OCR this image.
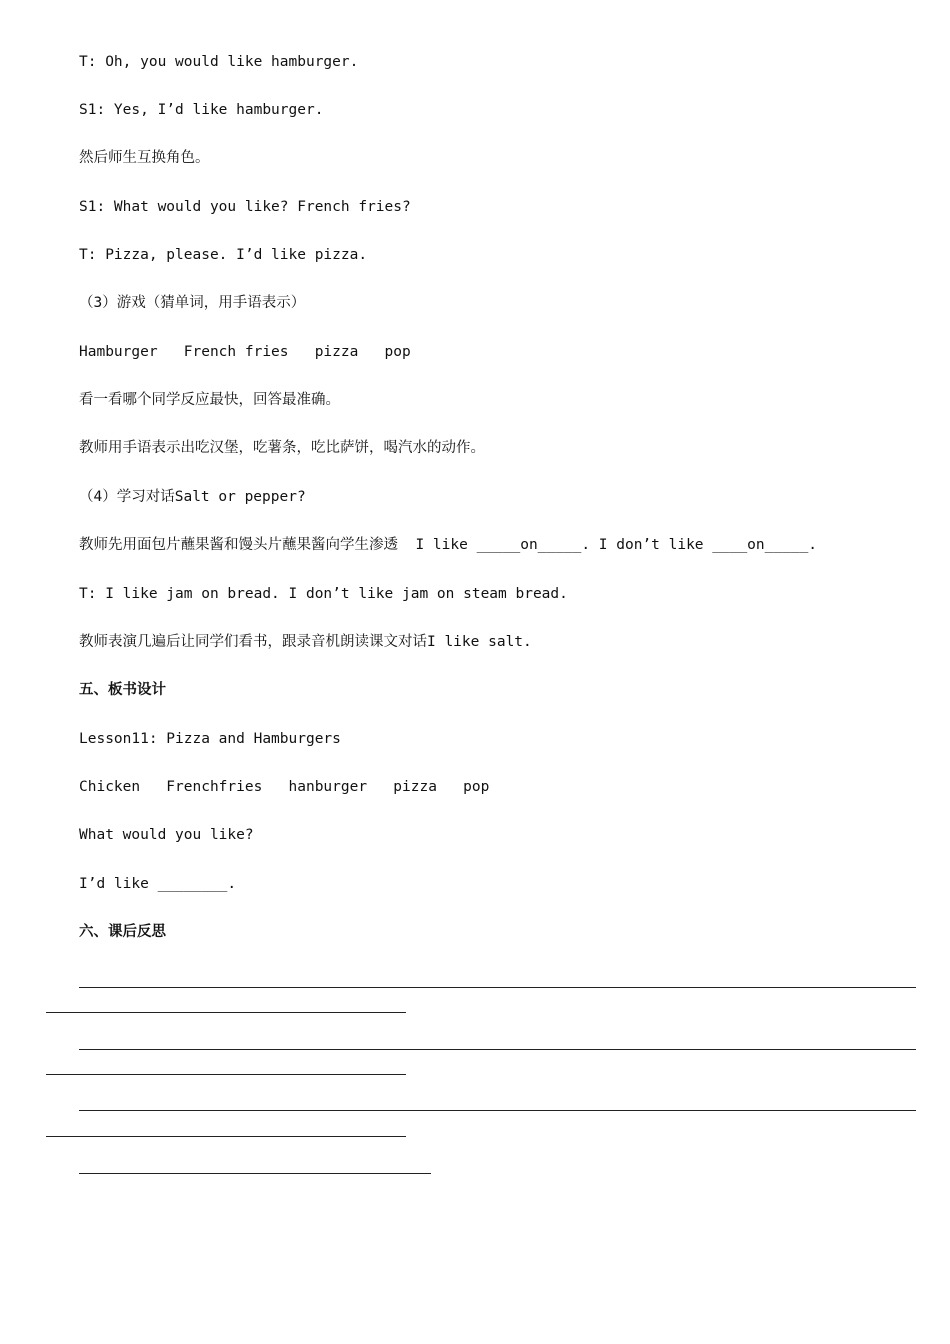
T: Oh, you would like hamburger.
S1: Yes, I’d like hamburger.
然后师生互换角色。
S1: What would you like? French fries?
T: Pizza, please. I’d like pizza.
（3）游戏（猜单词，用手语表示）
Hamburger   French fries   pizza   pop
看一看哪个同学反应最快，回答最准确。
教师用手语表示出吃汉堡，吃薯条，吃比萨饼，喝汽水的动作。
（4）学习对话Salt or pepper?
教师先用面包片蘸果酱和馒头片蘸果酱向学生渗透  I like _____on_____. I don’t like ____on_____.
T: I like jam on bread. I don’t like jam on steam bread.
教师表演几遍后让同学们看书，跟录音机朗读课文对话I like salt.
五、板书设计
Lesson11: Pizza and Hamburgers
Chicken   Frenchfries   hanburger   pizza   pop
What would you like?
I’d like ________.
六、课后反思
